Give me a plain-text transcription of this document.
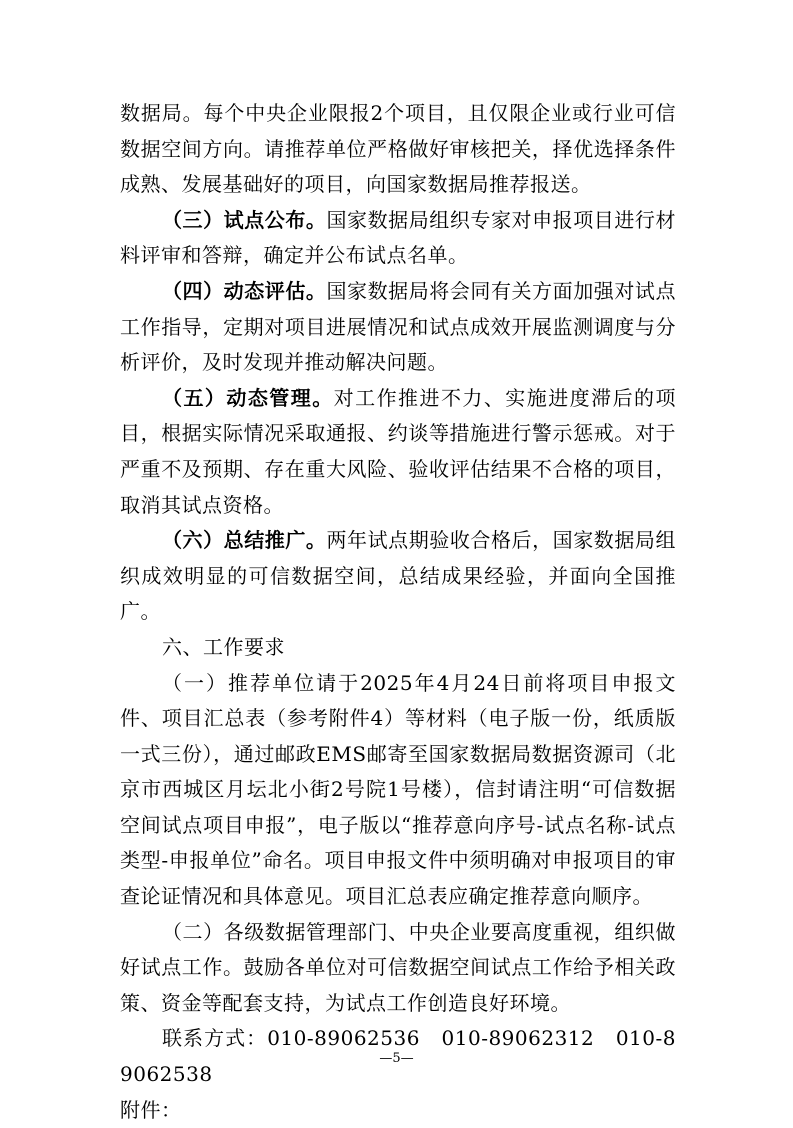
数据局。每个中央企业限报2个项目，且仅限企业或行业可信数据空间方向。请推荐单位严格做好审核把关，择优选择条件成熟、发展基础好的项目，向国家数据局推荐报送。

（三）试点公布。国家数据局组织专家对申报项目进行材料评审和答辩，确定并公布试点名单。

（四）动态评估。国家数据局将会同有关方面加强对试点工作指导，定期对项目进展情况和试点成效开展监测调度与分析评价，及时发现并推动解决问题。

（五）动态管理。对工作推进不力、实施进度滞后的项目，根据实际情况采取通报、约谈等措施进行警示惩戒。对于严重不及预期、存在重大风险、验收评估结果不合格的项目，取消其试点资格。

（六）总结推广。两年试点期验收合格后，国家数据局组织成效明显的可信数据空间，总结成果经验，并面向全国推广。

六、工作要求

（一）推荐单位请于2025年4月24日前将项目申报文件、项目汇总表（参考附件4）等材料（电子版一份，纸质版一式三份），通过邮政EMS邮寄至国家数据局数据资源司（北京市西城区月坛北小街2号院1号楼），信封请注明“可信数据空间试点项目申报”，电子版以“推荐意向序号-试点名称-试点类型-申报单位”命名。项目申报文件中须明确对申报项目的审查论证情况和具体意见。项目汇总表应确定推荐意向顺序。

（二）各级数据管理部门、中央企业要高度重视，组织做好试点工作。鼓励各单位对可信数据空间试点工作给予相关政策、资金等配套支持，为试点工作创造良好环境。

联系方式：010-89062536　010-89062312　010-89062538

附件：

—5—
